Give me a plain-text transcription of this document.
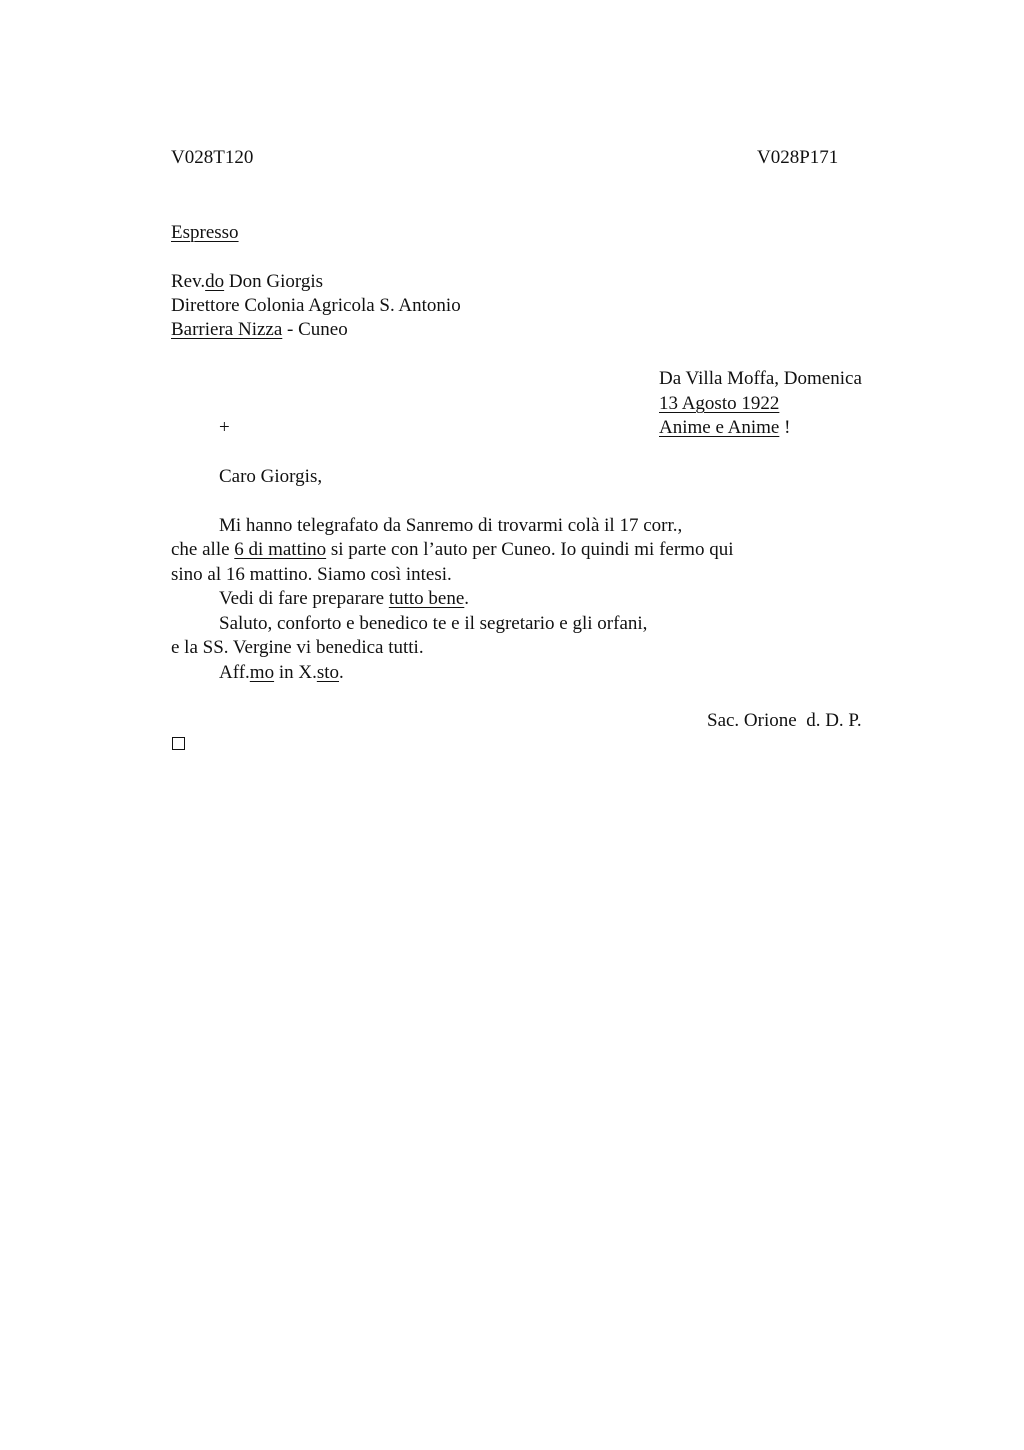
V028T120	V028P171
Espresso
Rev.do Don Giorgis
Direttore Colonia Agricola S. Antonio
Barriera Nizza - Cuneo
Da Villa Moffa, Domenica
13 Agosto 1922
+	Anime e Anime !
Caro Giorgis,
Mi hanno telegrafato da Sanremo di trovarmi colà il 17 corr.,
che alle 6 di mattino si parte con l’auto per Cuneo. Io quindi mi fermo qui
sino al 16 mattino. Siamo così intesi.
Vedi di fare preparare tutto bene.
Saluto, conforto e benedico te e il segretario e gli orfani,
e la SS. Vergine vi benedica tutti.
Aff.mo in X.sto.
Sac. Orione  d. D. P.
